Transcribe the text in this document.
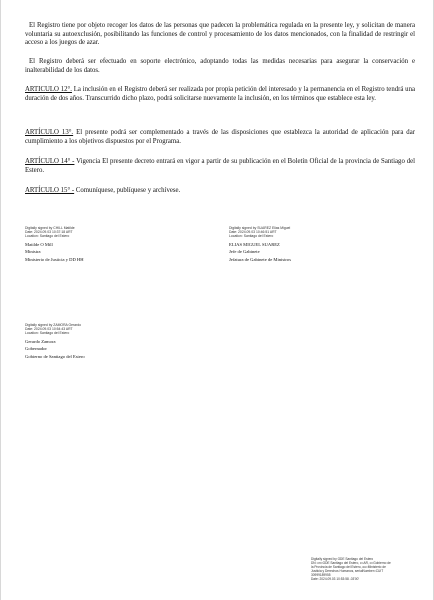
El Registro tiene por objeto recoger los datos de las personas que padecen la problemática regulada en la presente ley, y solicitan de manera voluntaria su autoexclusión, posibilitando las funciones de control y procesamiento de los datos mencionados, con la finalidad de restringir el acceso a los juegos de azar.

El Registro deberá ser efectuado en soporte electrónico, adoptando todas las medidas necesarias para asegurar la conservación e inalterabilidad de los datos.

ARTICULO 12°. La inclusión en el Registro deberá ser realizada por propia petición del interesado y la permanencia en el Registro tendrá una duración de dos años. Transcurrido dicho plazo, podrá solicitarse nuevamente la inclusión, en los términos que establece esta ley.

ARTÍCULO 13°. El presente podrá ser complementado a través de las disposiciones que establezca la autoridad de aplicación para dar cumplimiento a los objetivos dispuestos por el Programa.

ARTÍCULO 14° - Vigencia El presente decreto entrará en vigor a partir de su publicación en el Boletín Oficial de la provincia de Santiago del Estero.

ARTÍCULO 15° - Comuníquese, publíquese y archívese.

Digitally signed by CHILL Matilde
Date: 2024.09.03 10:37:18 ART
Location: Santiago del Estero
Matilde O Mill
Ministra
Ministerio de Justicia y DD HH
Digitally signed by SUAREZ Elias Miguel
Date: 2024.09.03 10:46:51 ART
Location: Santiago del Estero
ELIAS MIGUEL SUAREZ
Jefe de Gabinete
Jefatura de Gabinete de Ministros
Digitally signed by ZAMORA Gerardo
Date: 2024.09.03 10:54:43 ART
Location: Santiago del Estero
Gerardo Zamora
Gobernador
Gobierno de Santiago del Estero
Digitally signed by GDE Santiago del Estero
DN: cn=GDE Santiago del Estero, c=AR, o=Gobierno de
la Provincia de Santiago del Estero, ou=Ministerio de
Justicia y Derechos Humanos, serialNumber=CUIT
30999189955
Date: 2024.09.03 10:53:58 -03'00'
